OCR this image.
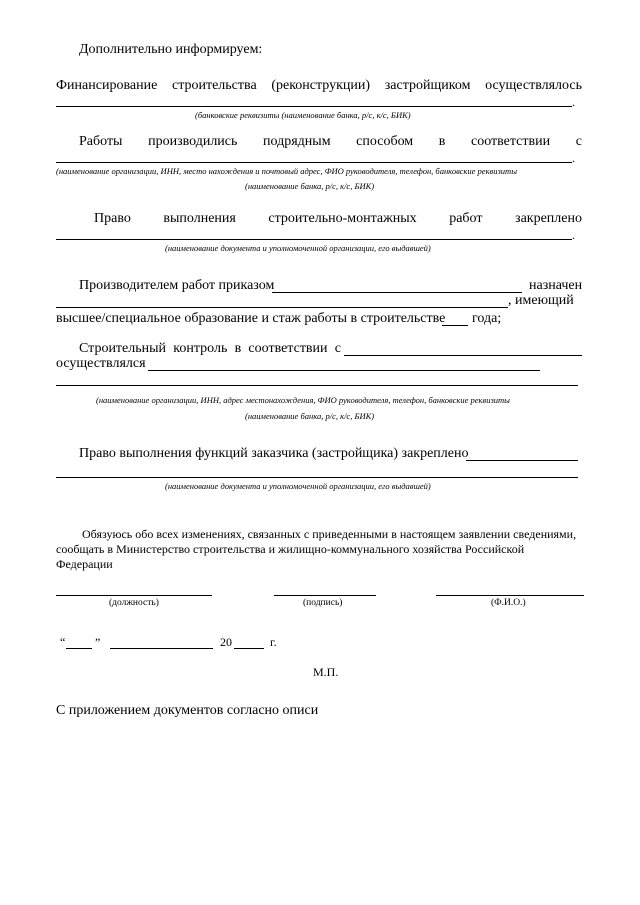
Дополнительно информируем:
Финансирование строительства (реконструкции) застройщиком осуществлялось
.
(банковские реквизиты (наименование банка, р/с, к/с, БИК)
Работы производились подрядным способом в соответствии с
.
(наименование организации, ИНН, место нахождения и почтовый адрес, ФИО руководителя, телефон, банковские реквизиты
(наименование банка, р/с, к/с, БИК)
Право выполнения строительно-монтажных работ закреплено
.
(наименование документа и уполномоченной организации, его выдавшей)
Производителем работ приказом	назначен
, имеющий
высшее/специальное образование и стаж работы в строительстве года;
Строительный контроль в соответствии с
осуществлялся
(наименование организации, ИНН, адрес местонахождения, ФИО руководителя, телефон, банковские реквизиты
(наименование банка, р/с, к/с, БИК)
Право выполнения функций заказчика (застройщика) закреплено
(наименование документа и уполномоченной организации, его выдавшей)
Обязуюсь обо всех изменениях, связанных с приведенными в настоящем заявлении сведениями, сообщать в Министерство строительства и жилищно-коммунального хозяйства Российской Федерации
(должность)	(подпись)	(Ф.И.О.)
“ ”	20	г.
М.П.
С приложением документов согласно описи
